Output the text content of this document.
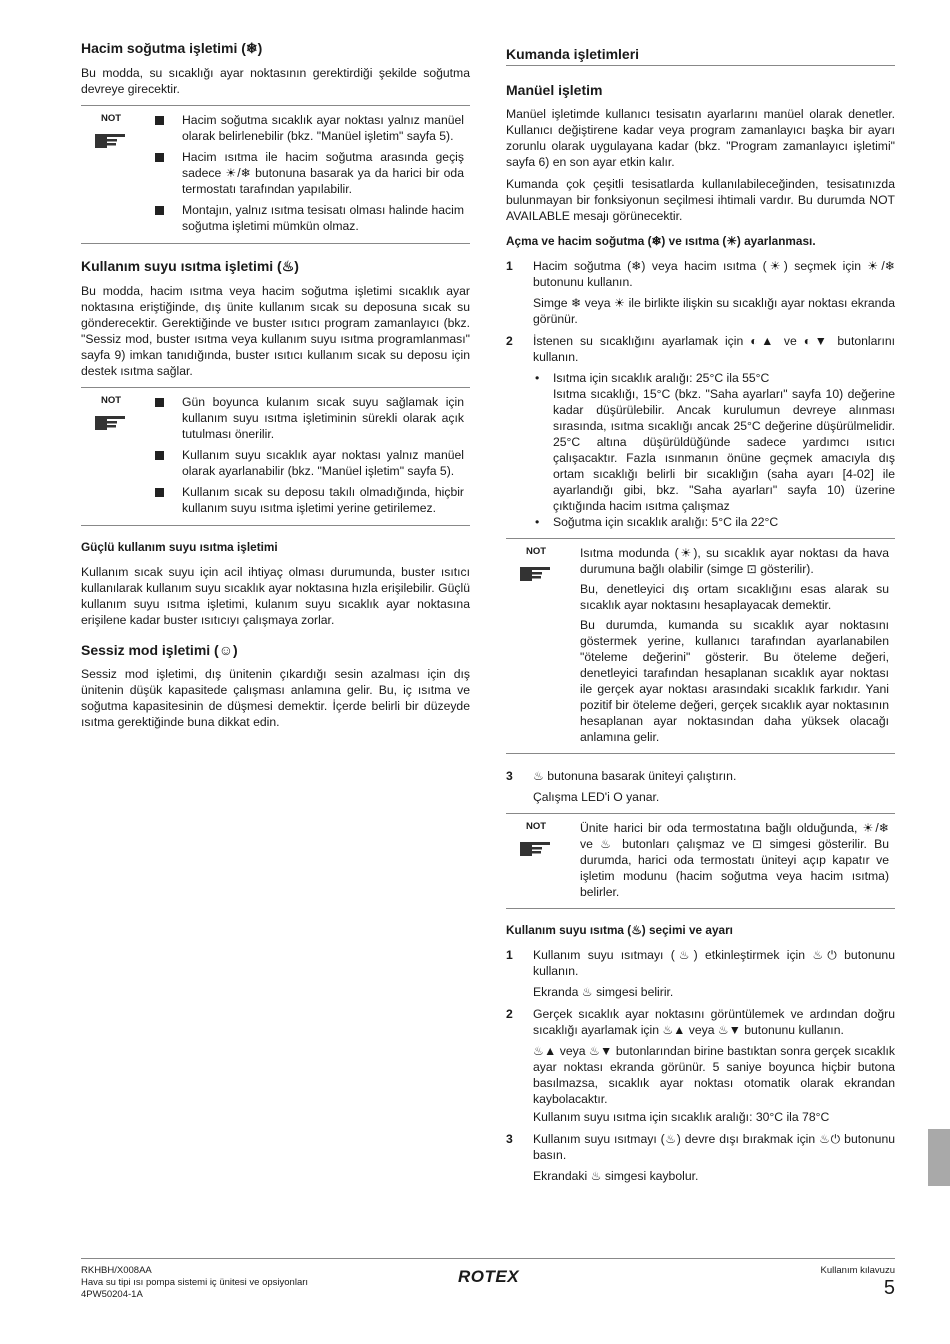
Hacim soğutma işletimi (❄)

Bu modda, su sıcaklığı ayar noktasının gerektirdiği şekilde soğutma devreye girecektir.

NOT	Hacim soğutma sıcaklık ayar noktası yalnız manüel olarak belirlenebilir (bkz. "Manüel işletim" sayfa 5).
Hacim ısıtma ile hacim soğutma arasında geçiş sadece ☀/❄ butonuna basarak ya da harici bir oda termostatı tarafından yapılabilir.
Montajın, yalnız ısıtma tesisatı olması halinde hacim soğutma işletimi mümkün olmaz.
Kullanım suyu ısıtma işletimi (♨)

Bu modda, hacim ısıtma veya hacim soğutma işletimi sıcaklık ayar noktasına eriştiğinde, dış ünite kullanım sıcak su deposuna sıcak su gönderecektir. Gerektiğinde ve buster ısıtıcı program zamanlayıcı (bkz. "Sessiz mod, buster ısıtma veya kullanım suyu ısıtma programlanması" sayfa 9) imkan tanıdığında, buster ısıtıcı kullanım sıcak su deposu için destek ısıtma sağlar.

NOT	Gün boyunca kulanım sıcak suyu sağlamak için kullanım suyu ısıtma işletiminin sürekli olarak açık tutulması önerilir.
Kullanım suyu sıcaklık ayar noktası yalnız manüel olarak ayarlanabilir (bkz. "Manüel işletim" sayfa 5).
Kullanım sıcak su deposu takılı olmadığında, hiçbir kullanım suyu ısıtma işletimi yerine getirilemez.
Güçlü kullanım suyu ısıtma işletimi

Kullanım sıcak suyu için acil ihtiyaç olması durumunda, buster ısıtıcı kullanılarak kullanım suyu sıcaklık ayar noktasına hızla erişilebilir. Güçlü kullanım suyu ısıtma işletimi, kulanım suyu sıcaklık ayar noktasına erişilene kadar buster ısıtıcıyı çalışmaya zorlar.

Sessiz mod işletimi (☺)

Sessiz mod işletimi, dış ünitenin çıkardığı sesin azalması için dış ünitenin düşük kapasitede çalışması anlamına gelir. Bu, iç ısıtma ve soğutma kapasitesinin de düşmesi demektir. İçerde belirli bir düzeyde ısıtma gerektiğinde buna dikkat edin.

Kumanda işletimleri
Manüel işletim

Manüel işletimde kullanıcı tesisatın ayarlarını manüel olarak denetler. Kullanıcı değiştirene kadar veya program zamanlayıcı başka bir ayarı zorunlu olarak uygulayana kadar (bkz. "Program zamanlayıcı işletimi" sayfa 6) en son ayar etkin kalır.

Kumanda çok çeşitli tesisatlarda kullanılabileceğinden, tesisatınızda bulunmayan bir fonksiyonun seçilmesi ihtimali vardır. Bu durumda NOT AVAILABLE mesajı görünecektir.

Açma ve hacim soğutma (❄) ve ısıtma (☀) ayarlanması.
1 Hacim soğutma (❄) veya hacim ısıtma (☀) seçmek için ☀/❄ butonunu kullanın.

Simge ❄ veya ☀ ile birlikte ilişkin su sıcaklığı ayar noktası ekranda görünür.

2 İstenen su sıcaklığını ayarlamak için ◐▲ ve ◐▼ butonlarını kullanın.

• Isıtma için sıcaklık aralığı: 25°C ila 55°C
Isıtma sıcaklığı, 15°C (bkz. "Saha ayarları" sayfa 10) değerine kadar düşürülebilir. Ancak kurulumun devreye alınması sırasında, ısıtma sıcaklığı ancak 25°C değerine düşürülmelidir. 25°C altına düşürüldüğünde sadece yardımcı ısıtıcı çalışacaktır. Fazla ısınmanın önüne geçmek amacıyla dış ortam sıcaklığı belirli bir sıcaklığın (saha ayarı [4-02] ile ayarlandığı gibi, bkz. "Saha ayarları" sayfa 10) üzerine çıktığında hacim ısıtma çalışmaz
• Soğutma için sıcaklık aralığı: 5°C ila 22°C
NOT	Isıtma modunda (☀), su sıcaklık ayar noktası da hava durumuna bağlı olabilir (simge ⊡ gösterilir).

Bu, denetleyici dış ortam sıcaklığını esas alarak su sıcaklık ayar noktasını hesaplayacak demektir.

Bu durumda, kumanda su sıcaklık ayar noktasını göstermek yerine, kullanıcı tarafından ayarlanabilen "öteleme değerini" gösterir. Bu öteleme değeri, denetleyici tarafından hesaplanan sıcaklık ayar noktası ile gerçek ayar noktası arasındaki sıcaklık farkıdır. Yani pozitif bir öteleme değeri, gerçek sıcaklık ayar noktasının hesaplanan ayar noktasından daha yüksek olacağı anlamına gelir.

3 ♨ butonuna basarak üniteyi çalıştırın.

Çalışma LED'i O yanar.

NOT	Ünite harici bir oda termostatına bağlı olduğunda, ☀/❄ ve ♨ butonları çalışmaz ve ⊡ simgesi gösterilir. Bu durumda, harici oda termostatı üniteyi açıp kapatır ve işletim modunu (hacim soğutma veya hacim ısıtma) belirler.

Kullanım suyu ısıtma (♨) seçimi ve ayarı
1 Kullanım suyu ısıtmayı (♨) etkinleştirmek için ♨⏻ butonunu kullanın.

Ekranda ♨ simgesi belirir.

2 Gerçek sıcaklık ayar noktasını görüntülemek ve ardından doğru sıcaklığı ayarlamak için ♨▲ veya ♨▼ butonunu kullanın.

♨▲ veya ♨▼ butonlarından birine bastıktan sonra gerçek sıcaklık ayar noktası ekranda görünür. 5 saniye boyunca hiçbir butona basılmazsa, sıcaklık ayar noktası otomatik olarak ekrandan kaybolacaktır.

Kullanım suyu ısıtma için sıcaklık aralığı: 30°C ila 78°C

3 Kullanım suyu ısıtmayı (♨) devre dışı bırakmak için ♨⏻ butonunu basın.

Ekrandaki ♨ simgesi kaybolur.

RKHBH/X008AA
Hava su tipi ısı pompa sistemi iç ünitesi ve opsiyonları
4PW50204-1A
ROTEX	Kullanım kılavuzu
5
